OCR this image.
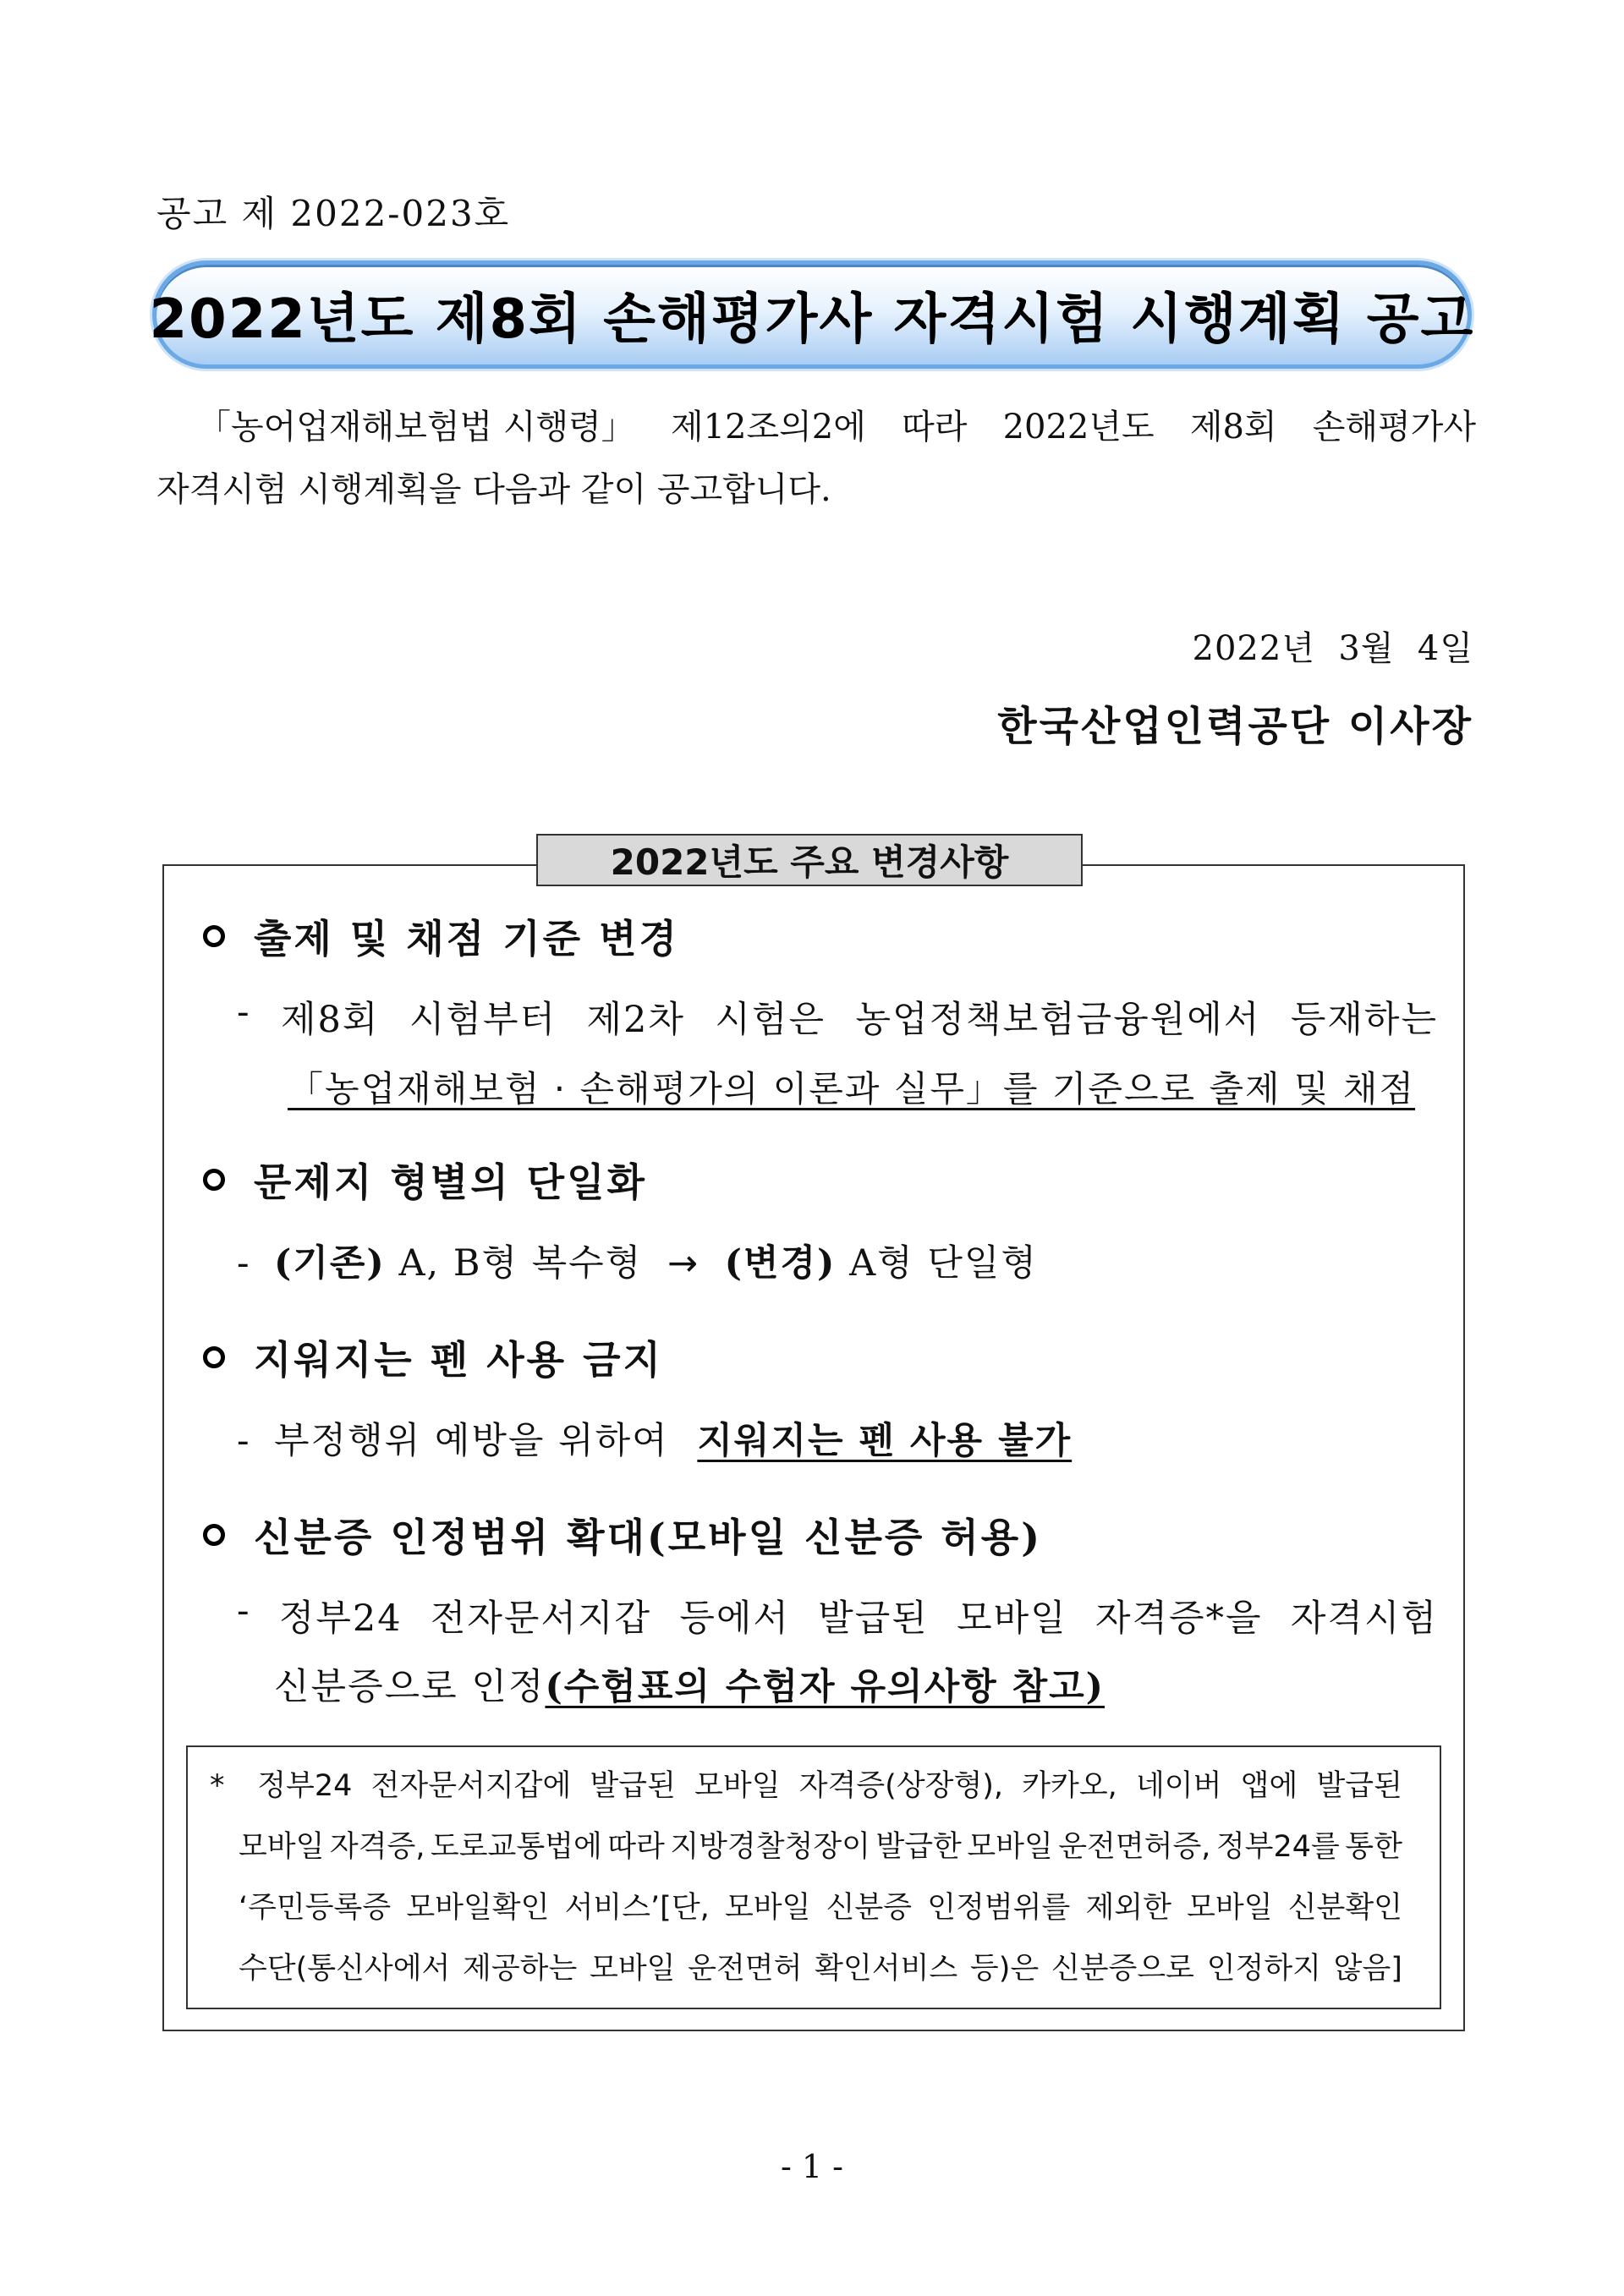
공고 제 2022-023호
2022년도 제8회 손해평가사 자격시험 시행계획 공고

「농어업재해보험법 시행령」 제12조의2에 따라 2022년도 제8회 손해평가사

자격시험 시행계획을 다음과 같이 공고합니다.

2022년  3월  4일
한국산업인력공단 이사장
2022년도 주요 변경사항
출제 및 채점 기준 변경
- 제8회 시험부터 제2차 시험은 농업정책보험금융원에서 등재하는
「농업재해보험 · 손해평가의 이론과 실무」를 기준으로 출제 및 채점
문제지 형별의 단일화
- (기존) A, B형 복수형 → (변경) A형 단일형
지워지는 펜 사용 금지
- 부정행위 예방을 위하여 지워지는 펜 사용 불가
신분증 인정범위 확대(모바일 신분증 허용)
- 정부24 전자문서지갑 등에서 발급된 모바일 자격증*을 자격시험
신분증으로 인정(수험표의 수험자 유의사항 참고)

*	정부24 전자문서지갑에 발급된 모바일 자격증(상장형), 카카오, 네이버 앱에 발급된

모바일 자격증, 도로교통법에 따라 지방경찰청장이 발급한 모바일 운전면허증, 정부24를 통한

‘주민등록증 모바일확인 서비스’[단, 모바일 신분증 인정범위를 제외한 모바일 신분확인

수단(통신사에서 제공하는 모바일 운전면허 확인서비스 등)은 신분증으로 인정하지 않음]

- 1 -
